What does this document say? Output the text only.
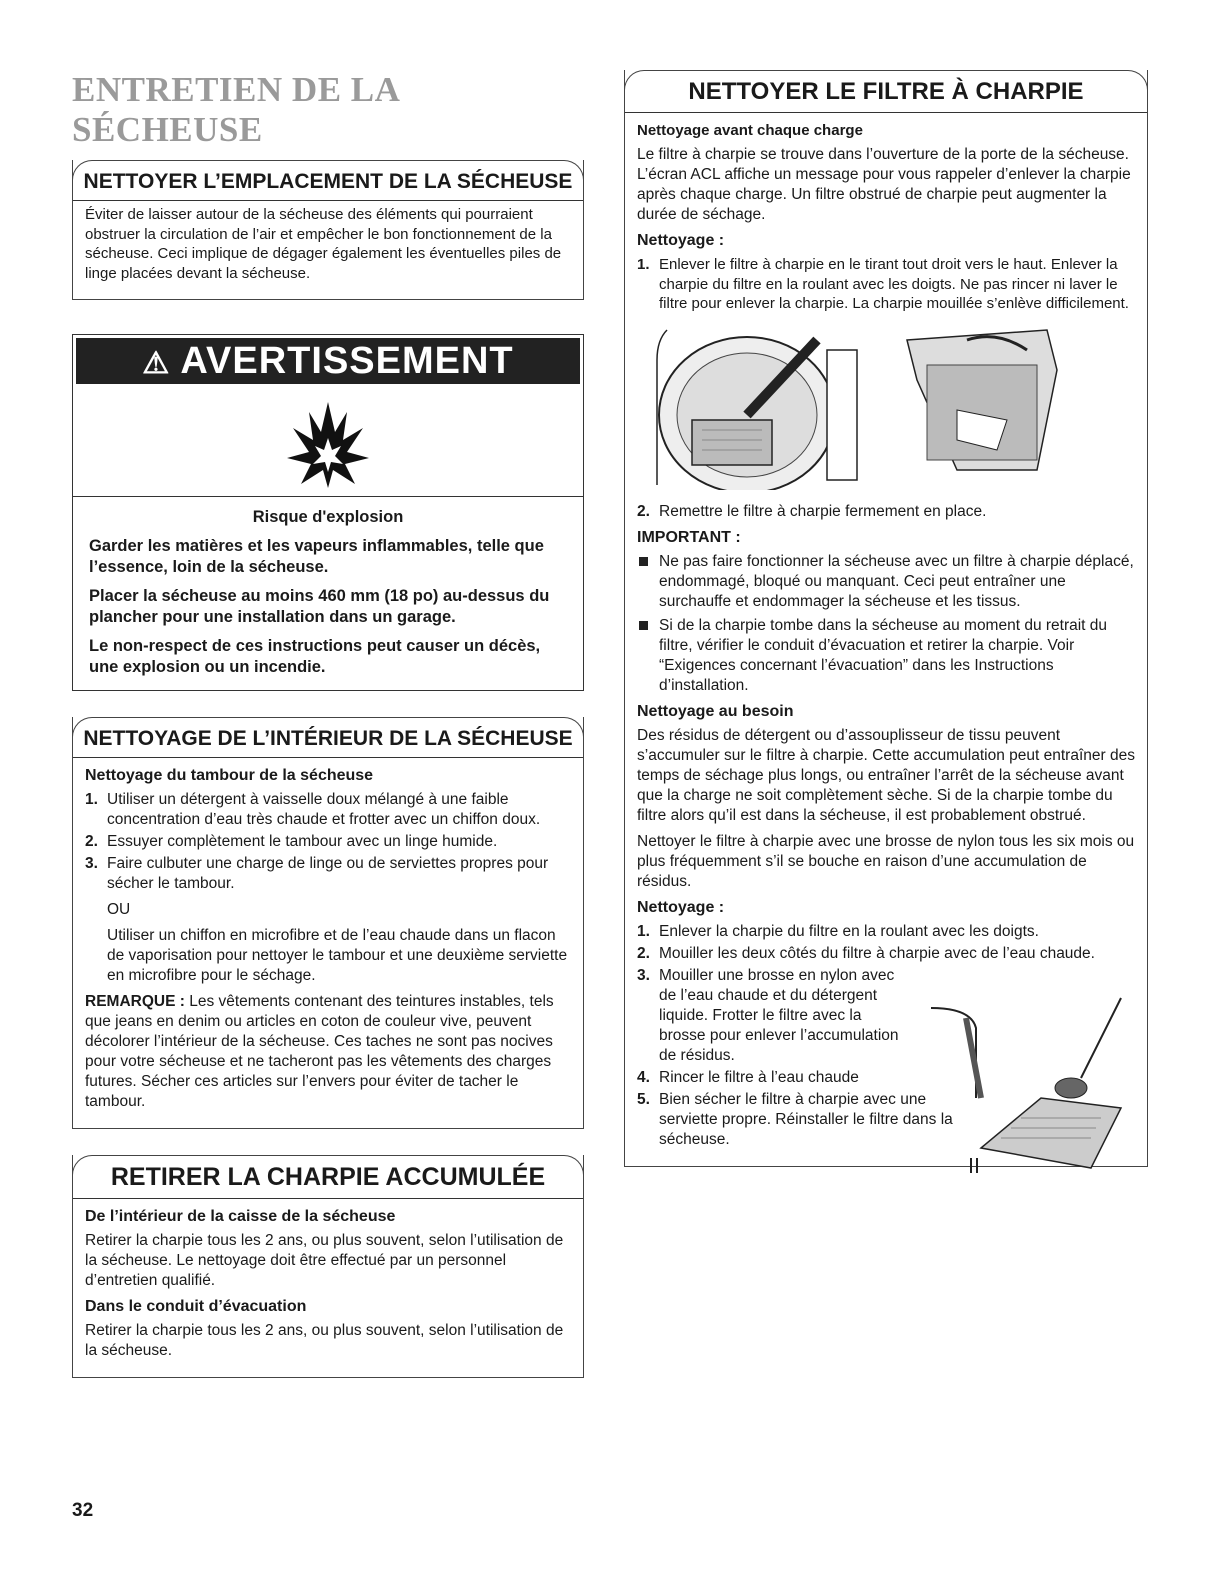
ENTRETIEN DE LA SÉCHEUSE
NETTOYER L’EMPLACEMENT DE LA SÉCHEUSE

Éviter de laisser autour de la sécheuse des éléments qui pourraient obstruer la circulation de l’air et empêcher le bon fonctionnement de la sécheuse. Ceci implique de dégager également les éventuelles piles de linge placées devant la sécheuse.

⚠ AVERTISSEMENT

Risque d'explosion

Garder les matières et les vapeurs inflammables, telle que l’essence, loin de la sécheuse.

Placer la sécheuse au moins 460 mm (18 po) au-dessus du plancher pour une installation dans un garage.

Le non-respect de ces instructions peut causer un décès, une explosion ou un incendie.

NETTOYAGE DE L’INTÉRIEUR DE LA SÉCHEUSE
Nettoyage du tambour de la sécheuse
1. Utiliser un détergent à vaisselle doux mélangé à une faible concentration d’eau très chaude et frotter avec un chiffon doux.
2. Essuyer complètement le tambour avec un linge humide.
3. Faire culbuter une charge de linge ou de serviettes propres pour sécher le tambour.
OU
Utiliser un chiffon en microfibre et de l’eau chaude dans un flacon de vaporisation pour nettoyer le tambour et une deuxième serviette en microfibre pour le séchage.

REMARQUE : Les vêtements contenant des teintures instables, tels que jeans en denim ou articles en coton de couleur vive, peuvent décolorer l’intérieur de la sécheuse. Ces taches ne sont pas nocives pour votre sécheuse et ne tacheront pas les vêtements des charges futures. Sécher ces articles sur l’envers pour éviter de tacher le tambour.

RETIRER LA CHARPIE ACCUMULÉE
De l’intérieur de la caisse de la sécheuse

Retirer la charpie tous les 2 ans, ou plus souvent, selon l’utilisation de la sécheuse. Le nettoyage doit être effectué par un personnel d’entretien qualifié.

Dans le conduit d’évacuation

Retirer la charpie tous les 2 ans, ou plus souvent, selon l’utilisation de la sécheuse.

NETTOYER LE FILTRE À CHARPIE
Nettoyage avant chaque charge

Le filtre à charpie se trouve dans l’ouverture de la porte de la sécheuse. L’écran ACL affiche un message pour vous rappeler d’enlever la charpie après chaque charge. Un filtre obstrué de charpie peut augmenter la durée de séchage.

Nettoyage :
1. Enlever le filtre à charpie en le tirant tout droit vers le haut. Enlever la charpie du filtre en la roulant avec les doigts. Ne pas rincer ni laver le filtre pour enlever la charpie. La charpie mouillée s’enlève difficilement.
2. Remettre le filtre à charpie fermement en place.
IMPORTANT :
Ne pas faire fonctionner la sécheuse avec un filtre à charpie déplacé, endommagé, bloqué ou manquant. Ceci peut entraîner une surchauffe et endommager la sécheuse et les tissus.
Si de la charpie tombe dans la sécheuse au moment du retrait du filtre, vérifier le conduit d’évacuation et retirer la charpie. Voir “Exigences concernant l’évacuation” dans les Instructions d’installation.
Nettoyage au besoin

Des résidus de détergent ou d’assouplisseur de tissu peuvent s’accumuler sur le filtre à charpie. Cette accumulation peut entraîner des temps de séchage plus longs, ou entraîner l’arrêt de la sécheuse avant que la charge ne soit complètement sèche. Si de la charpie tombe du filtre alors qu’il est dans la sécheuse, il est probablement obstrué.

Nettoyer le filtre à charpie avec une brosse de nylon tous les six mois ou plus fréquemment s’il se bouche en raison d’une accumulation de résidus.

Nettoyage :
1. Enlever la charpie du filtre en la roulant avec les doigts.
2. Mouiller les deux côtés du filtre à charpie avec de l’eau chaude.
3. Mouiller une brosse en nylon avec de l’eau chaude et du détergent liquide. Frotter le filtre avec la brosse pour enlever l’accumulation de résidus.
4. Rincer le filtre à l’eau chaude
5. Bien sécher le filtre à charpie avec une serviette propre. Réinstaller le filtre dans la sécheuse.
32
